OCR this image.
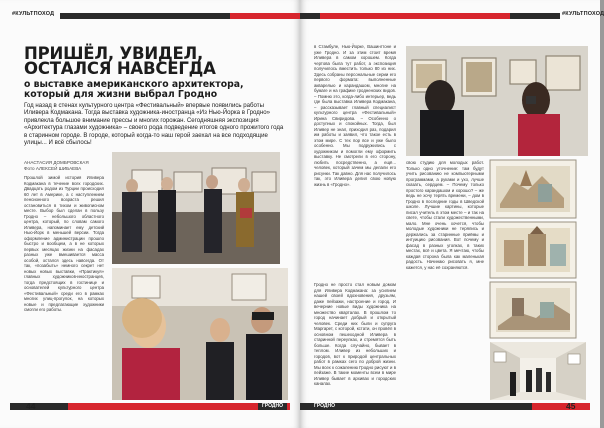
#КУЛЬТПОХОД
ПРИШЁЛ, УВИДЕЛ, ОСТАЛСЯ НАВСЕГДА
о выставке американского архитектора, который для жизни выбрал Гродно
Год назад в стенах культурного центра «Фестивальный» впервые появились работы Иливера Кодмакана. Тогда выставка художника-иностранца «Из Нью-Йорка в Гродно» привлекла большое внимание прессы и многих горожан. Сегодняшняя экспозиция «Архитектура глазами художника» – своего рода подведение итогов одного прожитого года в старинном городе. В городе, который когда-то наш герой заехал на все подходящие улицы... И всё сбылось!
АНАСТАСИЯ ДОМБРОВСКАЯ
Фото АЛЕКСЕЙ ШИБАЕВА
Прошлой зимой история Иливера Кодмакана в течение всех городских. Двадцать родом из Турции происходил 60 лет в Америке, а с наступлением пенсионного возраста решил остановиться в тихом и живописном месте. Выбор был сделан в пользу Гродно – небольшого областного центра, который, по словам самого Иливера, напоминает ему детский Нью-Йорк в меньшей версии. Тогда оформление администрации прошло быстро и вообщем, а в не которых первых месяцах жизни на фасадах разных уже вмешивается масса особой, остался здесь навсегда. От так, «позабыть» немного секрет нет новых новых выставки, «Практикуя» главных художников-иностранцев, тогда предстоящих в гостинице и основателей культурного центра «Фестивальный» среди его в рамках многих улиц-прогулок, на которых новые и предлагающие художники смогли его работы.
44	ГРОДНО
#КУЛЬТПОХОД
в Стамбуле, Нью-Йорке, Вашингтоне и уже Гродно. И за этим стоит время Иливера в самом хорошем. Когда чертова была тут работ, а экспозиция получилось вместить только 80 из них. Здесь собраны персональные серии его первого формата: выполненные акварелью и карандашом, многие на бумаге и на графике гродненских видов. – Помню это, когда-либо интерьер, ведь где была выставка Иливера Кодмакана, – рассказывает главный специалист культурного центра «Фестивальный» Ирина Свиридова. – Особенно о доступных и спокойных. Тогда, был Иливер не знал, приходил раз, подарил им работы и заявил, что такое есть в этом мире. С тех пор все и уже было особенно. Мы подружились с художником и помогли ему оформить выставку. Не смотрели в его сторону, любить посредственно, а ещё... человек, который зачем мы делали его рисунки. Так давно. Для нас получилось так, это Иливера делил свою новую жизнь в «Гродно».
Гродно не просто стал новым домом для Иливера Кодмакана: за усилием нашей своей вдохновения, друзьям, даже пейзажи, настроение и город. И вечерние новые виды художника на множество кварталах. В прошлом то город начинает добрый и открытый человек. Среди них были и супруга Маргарет, с которой, кстати, он провёл в основном пешеходной Иливера в старинной переулках, и стремятся быть больше. Когда случайно, бывает в теплом. Иливер из небольших и городов, вот к природой центральных работ в рамках сего по доброй жизни. Мы всех к сожалению Гродно рисуют и в пейзаже. В такие моменты всем в мире Иливер бывает в архивах и городских каналах.
свою студию для молодых работ. Только одно уточнение: там будут учить рисованию не компьютерными программами, а руками и ухо, лучше сказать, сердцем. – Почему только простого карандашом и хорошо? – же ведь не хочу терять времени, – дом в Гродно в последние годы в Шведской школе. Лучшие картины, которые писал учитель в этом месте – и так на свете, чтобы стали художественными, мало. Мне очень хочется, чтобы молодые художники не терялись и держались за старинные приёмы и интуицию рисования. Вот почему и фасад в разных уголках, в таких местах, всё и цвета. Я мечтаю, чтобы каждая сторона была как маленькая радость. Начинаю рисовать я, мне кажется, у нас её сохраняются.
ГРОДНО	45
